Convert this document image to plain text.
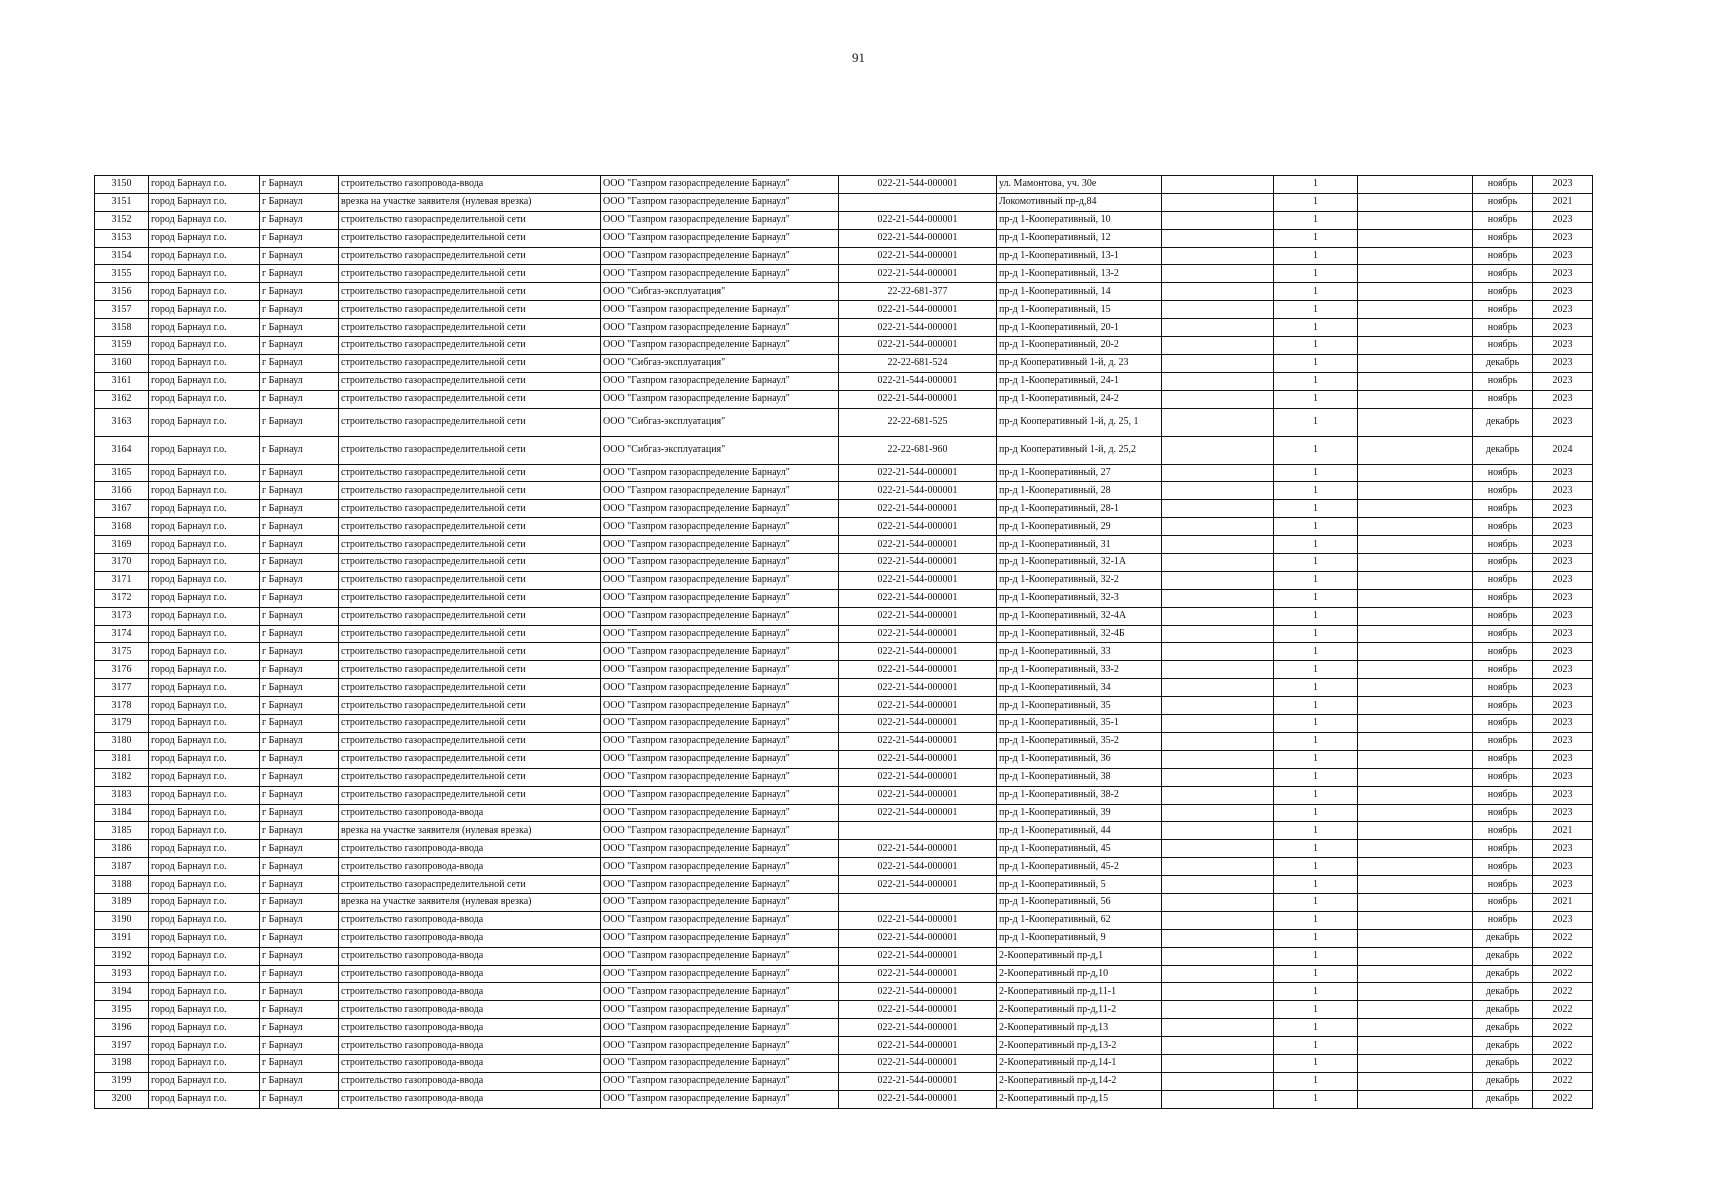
91
3150	город Барнаул г.о.	г Барнаул	строительство газопровода-ввода	ООО "Газпром газораспределение Барнаул"	022-21-544-000001	ул. Мамонтова, уч. 30е		1		ноябрь	2023
3151	город Барнаул г.о.	г Барнаул	врезка на участке заявителя (нулевая врезка)	ООО "Газпром газораспределение Барнаул"		Локомотивный пр-д,84		1		ноябрь	2021
3152	город Барнаул г.о.	г Барнаул	строительство газораспределительной сети	ООО "Газпром газораспределение Барнаул"	022-21-544-000001	пр-д 1-Кооперативный, 10		1		ноябрь	2023
3153	город Барнаул г.о.	г Барнаул	строительство газораспределительной сети	ООО "Газпром газораспределение Барнаул"	022-21-544-000001	пр-д 1-Кооперативный, 12		1		ноябрь	2023
3154	город Барнаул г.о.	г Барнаул	строительство газораспределительной сети	ООО "Газпром газораспределение Барнаул"	022-21-544-000001	пр-д 1-Кооперативный, 13-1		1		ноябрь	2023
3155	город Барнаул г.о.	г Барнаул	строительство газораспределительной сети	ООО "Газпром газораспределение Барнаул"	022-21-544-000001	пр-д 1-Кооперативный, 13-2		1		ноябрь	2023
3156	город Барнаул г.о.	г Барнаул	строительство газораспределительной сети	ООО "Сибгаз-эксплуатация"	22-22-681-377	пр-д 1-Кооперативный, 14		1		ноябрь	2023
3157	город Барнаул г.о.	г Барнаул	строительство газораспределительной сети	ООО "Газпром газораспределение Барнаул"	022-21-544-000001	пр-д 1-Кооперативный, 15		1		ноябрь	2023
3158	город Барнаул г.о.	г Барнаул	строительство газораспределительной сети	ООО "Газпром газораспределение Барнаул"	022-21-544-000001	пр-д 1-Кооперативный, 20-1		1		ноябрь	2023
3159	город Барнаул г.о.	г Барнаул	строительство газораспределительной сети	ООО "Газпром газораспределение Барнаул"	022-21-544-000001	пр-д 1-Кооперативный, 20-2		1		ноябрь	2023
3160	город Барнаул г.о.	г Барнаул	строительство газораспределительной сети	ООО "Сибгаз-эксплуатация"	22-22-681-524	пр-д Кооперативный 1-й, д. 23		1		декабрь	2023
3161	город Барнаул г.о.	г Барнаул	строительство газораспределительной сети	ООО "Газпром газораспределение Барнаул"	022-21-544-000001	пр-д 1-Кооперативный, 24-1		1		ноябрь	2023
3162	город Барнаул г.о.	г Барнаул	строительство газораспределительной сети	ООО "Газпром газораспределение Барнаул"	022-21-544-000001	пр-д 1-Кооперативный, 24-2		1		ноябрь	2023
3163	город Барнаул г.о.	г Барнаул	строительство газораспределительной сети	ООО "Сибгаз-эксплуатация"	22-22-681-525	пр-д Кооперативный 1-й, д. 25, 1		1		декабрь	2023
3164	город Барнаул г.о.	г Барнаул	строительство газораспределительной сети	ООО "Сибгаз-эксплуатация"	22-22-681-960	пр-д Кооперативный 1-й, д. 25,2		1		декабрь	2024
3165	город Барнаул г.о.	г Барнаул	строительство газораспределительной сети	ООО "Газпром газораспределение Барнаул"	022-21-544-000001	пр-д 1-Кооперативный, 27		1		ноябрь	2023
3166	город Барнаул г.о.	г Барнаул	строительство газораспределительной сети	ООО "Газпром газораспределение Барнаул"	022-21-544-000001	пр-д 1-Кооперативный, 28		1		ноябрь	2023
3167	город Барнаул г.о.	г Барнаул	строительство газораспределительной сети	ООО "Газпром газораспределение Барнаул"	022-21-544-000001	пр-д 1-Кооперативный, 28-1		1		ноябрь	2023
3168	город Барнаул г.о.	г Барнаул	строительство газораспределительной сети	ООО "Газпром газораспределение Барнаул"	022-21-544-000001	пр-д 1-Кооперативный, 29		1		ноябрь	2023
3169	город Барнаул г.о.	г Барнаул	строительство газораспределительной сети	ООО "Газпром газораспределение Барнаул"	022-21-544-000001	пр-д 1-Кооперативный, 31		1		ноябрь	2023
3170	город Барнаул г.о.	г Барнаул	строительство газораспределительной сети	ООО "Газпром газораспределение Барнаул"	022-21-544-000001	пр-д 1-Кооперативный, 32-1А		1		ноябрь	2023
3171	город Барнаул г.о.	г Барнаул	строительство газораспределительной сети	ООО "Газпром газораспределение Барнаул"	022-21-544-000001	пр-д 1-Кооперативный, 32-2		1		ноябрь	2023
3172	город Барнаул г.о.	г Барнаул	строительство газораспределительной сети	ООО "Газпром газораспределение Барнаул"	022-21-544-000001	пр-д 1-Кооперативный, 32-3		1		ноябрь	2023
3173	город Барнаул г.о.	г Барнаул	строительство газораспределительной сети	ООО "Газпром газораспределение Барнаул"	022-21-544-000001	пр-д 1-Кооперативный, 32-4А		1		ноябрь	2023
3174	город Барнаул г.о.	г Барнаул	строительство газораспределительной сети	ООО "Газпром газораспределение Барнаул"	022-21-544-000001	пр-д 1-Кооперативный, 32-4Б		1		ноябрь	2023
3175	город Барнаул г.о.	г Барнаул	строительство газораспределительной сети	ООО "Газпром газораспределение Барнаул"	022-21-544-000001	пр-д 1-Кооперативный, 33		1		ноябрь	2023
3176	город Барнаул г.о.	г Барнаул	строительство газораспределительной сети	ООО "Газпром газораспределение Барнаул"	022-21-544-000001	пр-д 1-Кооперативный, 33-2		1		ноябрь	2023
3177	город Барнаул г.о.	г Барнаул	строительство газораспределительной сети	ООО "Газпром газораспределение Барнаул"	022-21-544-000001	пр-д 1-Кооперативный, 34		1		ноябрь	2023
3178	город Барнаул г.о.	г Барнаул	строительство газораспределительной сети	ООО "Газпром газораспределение Барнаул"	022-21-544-000001	пр-д 1-Кооперативный, 35		1		ноябрь	2023
3179	город Барнаул г.о.	г Барнаул	строительство газораспределительной сети	ООО "Газпром газораспределение Барнаул"	022-21-544-000001	пр-д 1-Кооперативный, 35-1		1		ноябрь	2023
3180	город Барнаул г.о.	г Барнаул	строительство газораспределительной сети	ООО "Газпром газораспределение Барнаул"	022-21-544-000001	пр-д 1-Кооперативный, 35-2		1		ноябрь	2023
3181	город Барнаул г.о.	г Барнаул	строительство газораспределительной сети	ООО "Газпром газораспределение Барнаул"	022-21-544-000001	пр-д 1-Кооперативный, 36		1		ноябрь	2023
3182	город Барнаул г.о.	г Барнаул	строительство газораспределительной сети	ООО "Газпром газораспределение Барнаул"	022-21-544-000001	пр-д 1-Кооперативный, 38		1		ноябрь	2023
3183	город Барнаул г.о.	г Барнаул	строительство газораспределительной сети	ООО "Газпром газораспределение Барнаул"	022-21-544-000001	пр-д 1-Кооперативный, 38-2		1		ноябрь	2023
3184	город Барнаул г.о.	г Барнаул	строительство газопровода-ввода	ООО "Газпром газораспределение Барнаул"	022-21-544-000001	пр-д 1-Кооперативный, 39		1		ноябрь	2023
3185	город Барнаул г.о.	г Барнаул	врезка на участке заявителя (нулевая врезка)	ООО "Газпром газораспределение Барнаул"		пр-д 1-Кооперативный, 44		1		ноябрь	2021
3186	город Барнаул г.о.	г Барнаул	строительство газопровода-ввода	ООО "Газпром газораспределение Барнаул"	022-21-544-000001	пр-д 1-Кооперативный, 45		1		ноябрь	2023
3187	город Барнаул г.о.	г Барнаул	строительство газопровода-ввода	ООО "Газпром газораспределение Барнаул"	022-21-544-000001	пр-д 1-Кооперативный, 45-2		1		ноябрь	2023
3188	город Барнаул г.о.	г Барнаул	строительство газораспределительной сети	ООО "Газпром газораспределение Барнаул"	022-21-544-000001	пр-д 1-Кооперативный, 5		1		ноябрь	2023
3189	город Барнаул г.о.	г Барнаул	врезка на участке заявителя (нулевая врезка)	ООО "Газпром газораспределение Барнаул"		пр-д 1-Кооперативный, 56		1		ноябрь	2021
3190	город Барнаул г.о.	г Барнаул	строительство газопровода-ввода	ООО "Газпром газораспределение Барнаул"	022-21-544-000001	пр-д 1-Кооперативный, 62		1		ноябрь	2023
3191	город Барнаул г.о.	г Барнаул	строительство газопровода-ввода	ООО "Газпром газораспределение Барнаул"	022-21-544-000001	пр-д 1-Кооперативный, 9		1		декабрь	2022
3192	город Барнаул г.о.	г Барнаул	строительство газопровода-ввода	ООО "Газпром газораспределение Барнаул"	022-21-544-000001	2-Кооперативный пр-д,1		1		декабрь	2022
3193	город Барнаул г.о.	г Барнаул	строительство газопровода-ввода	ООО "Газпром газораспределение Барнаул"	022-21-544-000001	2-Кооперативный пр-д,10		1		декабрь	2022
3194	город Барнаул г.о.	г Барнаул	строительство газопровода-ввода	ООО "Газпром газораспределение Барнаул"	022-21-544-000001	2-Кооперативный пр-д,11-1		1		декабрь	2022
3195	город Барнаул г.о.	г Барнаул	строительство газопровода-ввода	ООО "Газпром газораспределение Барнаул"	022-21-544-000001	2-Кооперативный пр-д,11-2		1		декабрь	2022
3196	город Барнаул г.о.	г Барнаул	строительство газопровода-ввода	ООО "Газпром газораспределение Барнаул"	022-21-544-000001	2-Кооперативный пр-д,13		1		декабрь	2022
3197	город Барнаул г.о.	г Барнаул	строительство газопровода-ввода	ООО "Газпром газораспределение Барнаул"	022-21-544-000001	2-Кооперативный пр-д,13-2		1		декабрь	2022
3198	город Барнаул г.о.	г Барнаул	строительство газопровода-ввода	ООО "Газпром газораспределение Барнаул"	022-21-544-000001	2-Кооперативный пр-д,14-1		1		декабрь	2022
3199	город Барнаул г.о.	г Барнаул	строительство газопровода-ввода	ООО "Газпром газораспределение Барнаул"	022-21-544-000001	2-Кооперативный пр-д,14-2		1		декабрь	2022
3200	город Барнаул г.о.	г Барнаул	строительство газопровода-ввода	ООО "Газпром газораспределение Барнаул"	022-21-544-000001	2-Кооперативный пр-д,15		1		декабрь	2022
